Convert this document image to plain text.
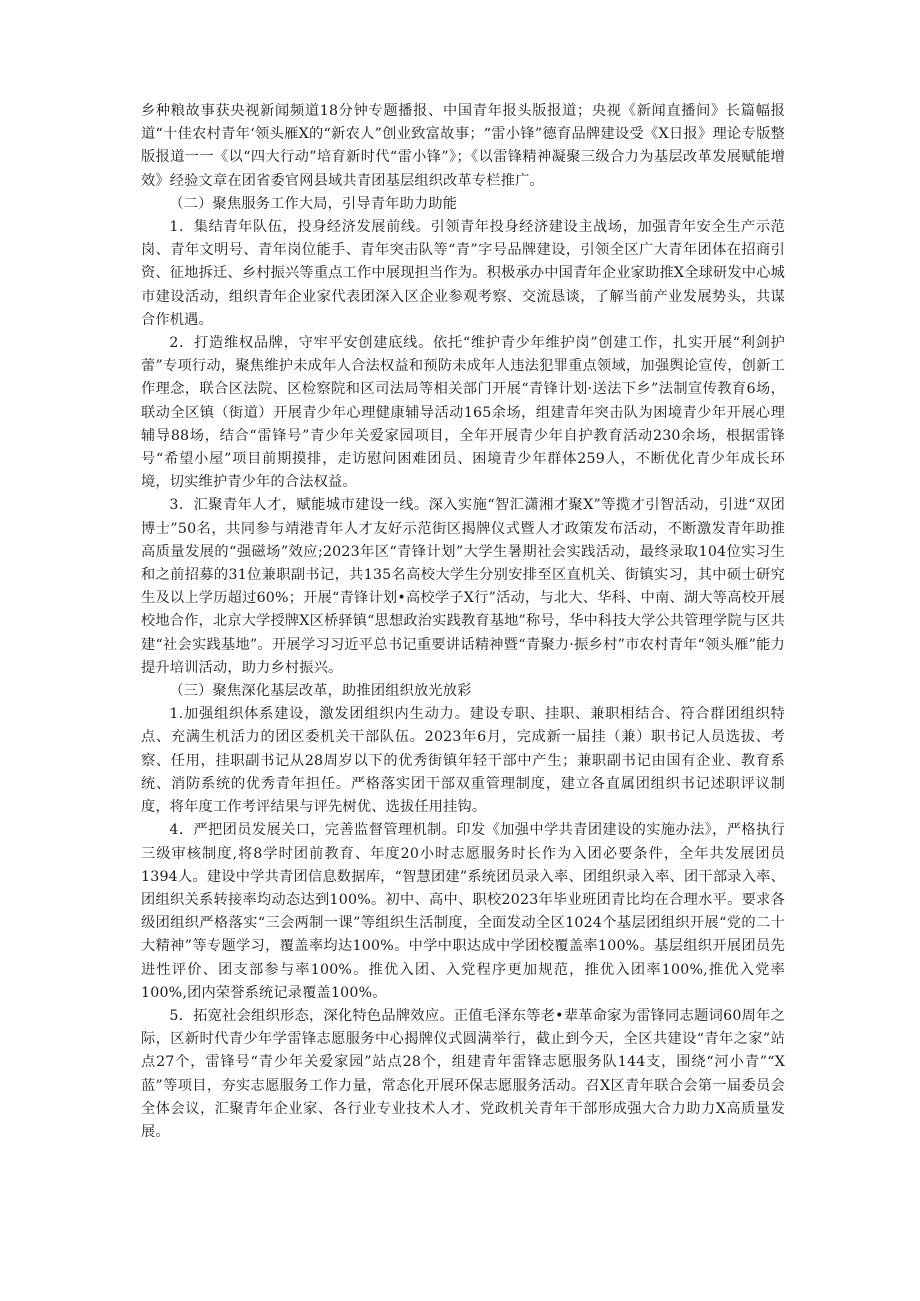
乡种粮故事获央视新闻频道18分钟专题播报、中国青年报头版报道；央视《新闻直播间》长篇幅报道“十佳农村青年‘领头雁X的“新农人”创业致富故事；“雷小锋”德育品牌建设受《X日报》理论专版整版报道一一《以“四大行动”培育新时代“雷小锋”》；《以雷锋精神凝聚三级合力为基层改革发展赋能增效》经验文章在团省委官网县域共青团基层组织改革专栏推广。

（二）聚焦服务工作大局，引导青年助力助能

1．集结青年队伍，投身经济发展前线。引领青年投身经济建设主战场，加强青年安全生产示范岗、青年文明号、青年岗位能手、青年突击队等“青”字号品牌建设，引领全区广大青年团体在招商引资、征地拆迁、乡村振兴等重点工作中展现担当作为。积极承办中国青年企业家助推X全球研发中心城市建设活动，组织青年企业家代表团深入区企业参观考察、交流恳谈，了解当前产业发展势头，共谋合作机遇。

2．打造维权品牌，守牢平安创建底线。依托“维护青少年维护岗”创建工作，扎实开展“利剑护蕾”专项行动，聚焦维护未成年人合法权益和预防未成年人违法犯罪重点领域，加强舆论宣传，创新工作理念，联合区法院、区检察院和区司法局等相关部门开展“青锋计划·送法下乡”法制宣传教育6场，联动全区镇（街道）开展青少年心理健康辅导活动165余场，组建青年突击队为困境青少年开展心理辅导88场，结合“雷锋号”青少年关爱家园项目，全年开展青少年自护教育活动230余场，根据雷锋号“希望小屋”项目前期摸排，走访慰问困难团员、困境青少年群体259人，不断优化青少年成长环境，切实维护青少年的合法权益。

3．汇聚青年人才，赋能城市建设一线。深入实施“智汇潇湘才聚X”等揽才引智活动，引进“双团博士”50名，共同参与靖港青年人才友好示范街区揭牌仪式暨人才政策发布活动，不断激发青年助推高质量发展的“强磁场”效应;2023年区“青锋计划”大学生暑期社会实践活动，最终录取104位实习生和之前招募的31位兼职副书记，共135名高校大学生分别安排至区直机关、街镇实习，其中硕士研究生及以上学历超过60%；开展“青锋计划•高校学子X行”活动，与北大、华科、中南、湖大等高校开展校地合作，北京大学授牌X区桥驿镇“思想政治实践教育基地”称号，华中科技大学公共管理学院与区共建“社会实践基地”。开展学习习近平总书记重要讲话精神暨“青聚力·振乡村”市农村青年“领头雁”能力提升培训活动，助力乡村振兴。

（三）聚焦深化基层改革，助推团组织放光放彩

1.加强组织体系建设，激发团组织内生动力。建设专职、挂职、兼职相结合、符合群团组织特点、充满生机活力的团区委机关干部队伍。2023年6月，完成新一届挂（兼）职书记人员选拔、考察、任用，挂职副书记从28周岁以下的优秀街镇年轻干部中产生；兼职副书记由国有企业、教育系统、消防系统的优秀青年担任。严格落实团干部双重管理制度，建立各直属团组织书记述职评议制度，将年度工作考评结果与评先树优、选拔任用挂钩。

4．严把团员发展关口，完善监督管理机制。印发《加强中学共青团建设的实施办法》，严格执行三级审核制度,将8学时团前教育、年度20小时志愿服务时长作为入团必要条件，全年共发展团员1394人。建设中学共青团信息数据库，“智慧团建”系统团员录入率、团组织录入率、团干部录入率、团组织关系转接率均动态达到100%。初中、高中、职校2023年毕业班团青比均在合理水平。要求各级团组织严格落实“三会两制一课”等组织生活制度，全面发动全区1024个基层团组织开展“党的二十大精神”等专题学习，覆盖率均达100%。中学中职达成中学团校覆盖率100%。基层组织开展团员先进性评价、团支部参与率100%。推优入团、入党程序更加规范，推优入团率100%,推优入党率100%,团内荣誉系统记录覆盖100%。

5．拓宽社会组织形态，深化特色品牌效应。正值毛泽东等老•辈革命家为雷锋同志题词60周年之际，区新时代青少年学雷锋志愿服务中心揭牌仪式圆满举行，截止到今天，全区共建设“青年之家”站点27个，雷锋号“青少年关爱家园”站点28个，组建青年雷锋志愿服务队144支，围绕“河小青”“X蓝”等项目，夯实志愿服务工作力量，常态化开展环保志愿服务活动。召X区青年联合会第一届委员会全体会议，汇聚青年企业家、各行业专业技术人才、党政机关青年干部形成强大合力助力X高质量发展。
